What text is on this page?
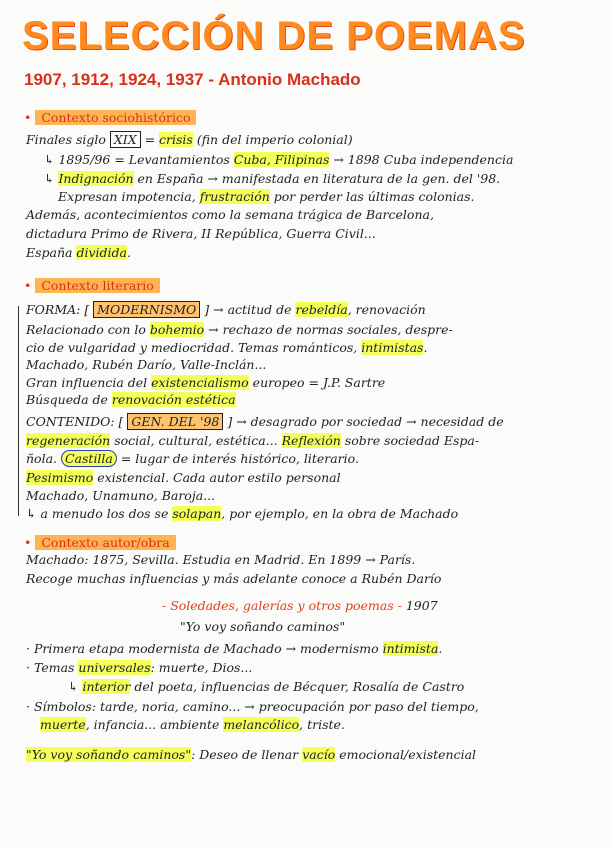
SELECCIÓN DE POEMAS
1907, 1912, 1924, 1937 - Antonio Machado
• Contexto sociohistórico
Finales siglo XIX = crisis (fin del imperio colonial)
↳ 1895/96 = Levantamientos Cuba, Filipinas → 1898 Cuba independencia
↳ Indignación en España → manifestada en literatura de la gen. del '98.
Expresan impotencia, frustración por perder las últimas colonias.
Además, acontecimientos como la semana trágica de Barcelona,
dictadura Primo de Rivera, II República, Guerra Civil...
España dividida.
• Contexto literario
FORMA: [ MODERNISMO ] → actitud de rebeldía, renovación
Relacionado con lo bohemio → rechazo de normas sociales, despre-
cio de vulgaridad y mediocridad. Temas románticos, intimistas.
Machado, Rubén Darío, Valle-Inclán...
Gran influencia del existencialismo europeo = J.P. Sartre
Búsqueda de renovación estética
CONTENIDO: [ GEN. DEL '98 ] → desagrado por sociedad → necesidad de
regeneración social, cultural, estética... Reflexión sobre sociedad Espa-
ñola. Castilla = lugar de interés histórico, literario.
Pesimismo existencial. Cada autor estilo personal
Machado, Unamuno, Baroja...
↳ a menudo los dos se solapan, por ejemplo, en la obra de Machado
• Contexto autor/obra
Machado: 1875, Sevilla. Estudia en Madrid. En 1899 → París.
Recoge muchas influencias y más adelante conoce a Rubén Darío
- Soledades, galerías y otros poemas - 1907
"Yo voy soñando caminos"
· Primera etapa modernista de Machado → modernismo intimista.
· Temas universales: muerte, Dios...
↳ interior del poeta, influencias de Bécquer, Rosalía de Castro
· Símbolos: tarde, noria, camino... → preocupación por paso del tiempo,
muerte, infancia... ambiente melancólico, triste.
"Yo voy soñando caminos": Deseo de llenar vacío emocional/existencial
